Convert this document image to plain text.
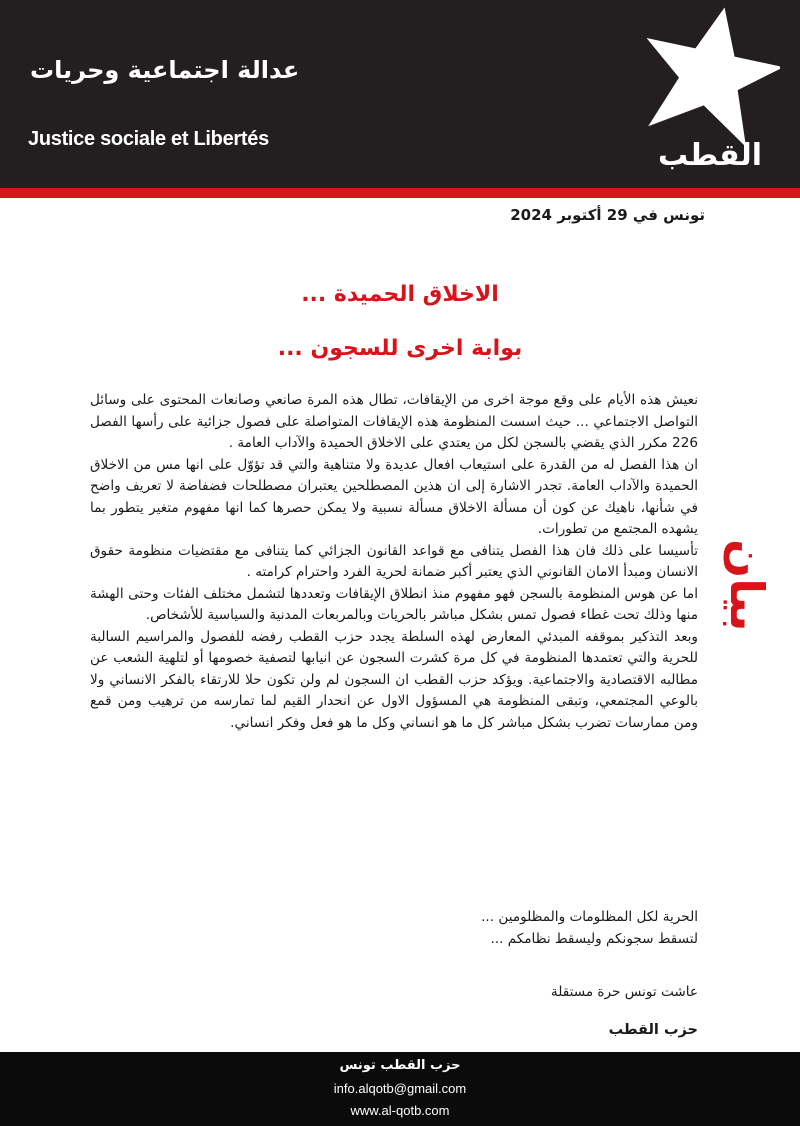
عدالة اجتماعية وحريات
Justice sociale et Libertés	القطب
تونس في 29 أكتوبر 2024
الاخلاق الحميدة ...
بوابة اخرى للسجون ...
بيان

نعيش هذه الأيام على وقع موجة اخرى من الإيقافات، تطال هذه المرة صانعي وصانعات المحتوى على وسائل التواصل الاجتماعي ... حيث اسست المنظومة هذه الإيقافات المتواصلة على فصول جزائية على رأسها الفصل 226 مكرر الذي يقضي بالسجن لكل من يعتدي على الاخلاق الحميدة والآداب العامة .

ان هذا الفصل له من القدرة على استيعاب افعال عديدة ولا متناهية والتي قد تؤوّل على انها مس من الاخلاق الحميدة والآداب العامة. تجدر الاشارة إلى ان هذين المصطلحين يعتبران مصطلحات فضفاضة لا تعريف واضح في شأنها، ناهيك عن كون أن مسألة الاخلاق مسألة نسبية ولا يمكن حصرها كما انها مفهوم متغير يتطور بما يشهده المجتمع من تطورات.

تأسيسا على ذلك فان هذا الفصل يتنافى مع قواعد القانون الجزائي كما يتنافى مع مقتضيات منظومة حقوق الانسان ومبدأ الامان القانوني الذي يعتبر أكبر ضمانة لحرية الفرد واحترام كرامته .

اما عن هوس المنظومة بالسجن فهو مفهوم منذ انطلاق الإيقافات وتعددها لتشمل مختلف الفئات وحتى الهشة منها وذلك تحت غطاء فصول تمس بشكل مباشر بالحريات وبالمربعات المدنية والسياسية للأشخاص.

وبعد التذكير بموقفه المبدئي المعارض لهذه السلطة يجدد حزب القطب رفضه للفصول والمراسيم السالبة للحرية والتي تعتمدها المنظومة في كل مرة كشرت السجون عن انيابها لتصفية خصومها أو لتلهية الشعب عن مطالبه الاقتصادية والاجتماعية. ويؤكد حزب القطب ان السجون لم ولن تكون حلا للارتقاء بالفكر الانساني ولا بالوعي المجتمعي، وتبقى المنظومة هي المسؤول الاول عن انحدار القيم لما تمارسه من ترهيب ومن قمع ومن ممارسات تضرب بشكل مباشر كل ما هو انساني وكل ما هو فعل وفكر انساني.

الحرية لكل المظلومات والمظلومين ...

لتسقط سجونكم وليسقط نظامكم ...

عاشت تونس حرة مستقلة
حزب القطب
حزب القطب تونس
info.alqotb@gmail.com
www.al-qotb.com
